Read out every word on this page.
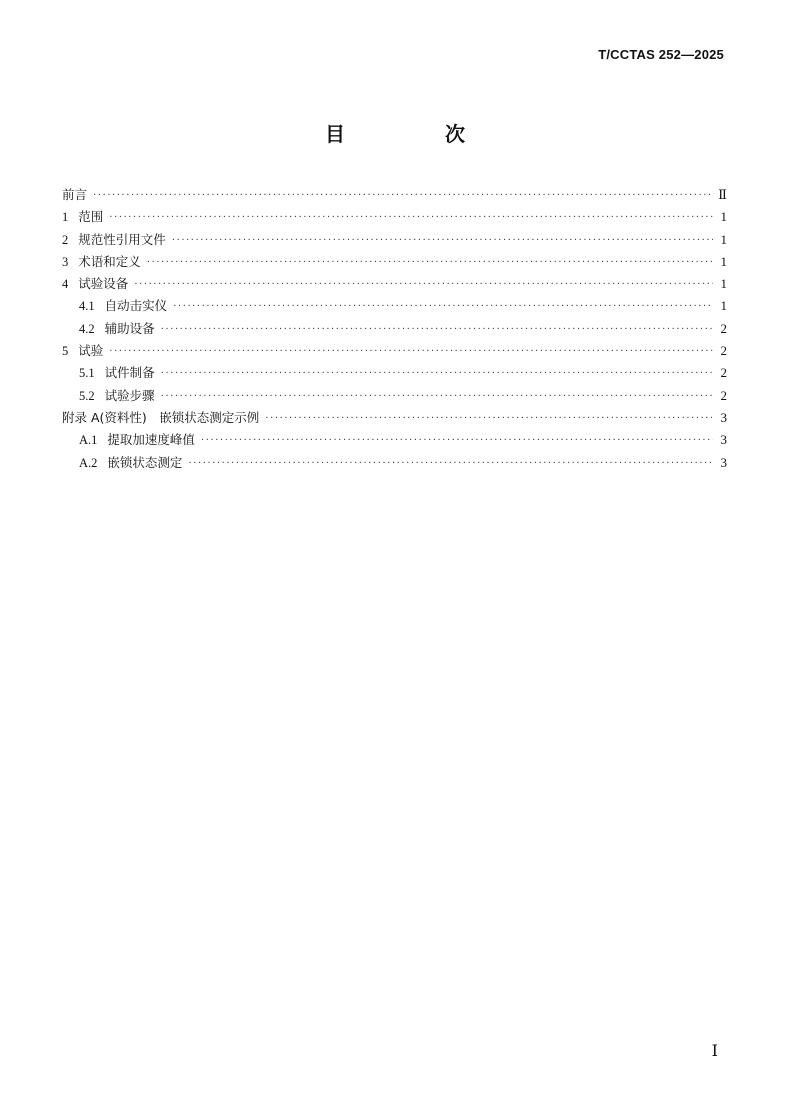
T/CCTAS 252—2025
目　次
前言 ·····	Ⅱ
1 范围 ·····	1
2 规范性引用文件 ·····	1
3 术语和定义 ·····	1
4 试验设备 ·····	1
4.1 自动击实仪 ·····	1
4.2 辅助设备 ·····	2
5 试验 ·····	2
5.1 试件制备 ·····	2
5.2 试验步骤 ·····	2
附录 A(资料性)　嵌锁状态测定示例 ·····	3
A.1 提取加速度峰值 ·····	3
A.2 嵌锁状态测定 ·····	3
Ⅰ
